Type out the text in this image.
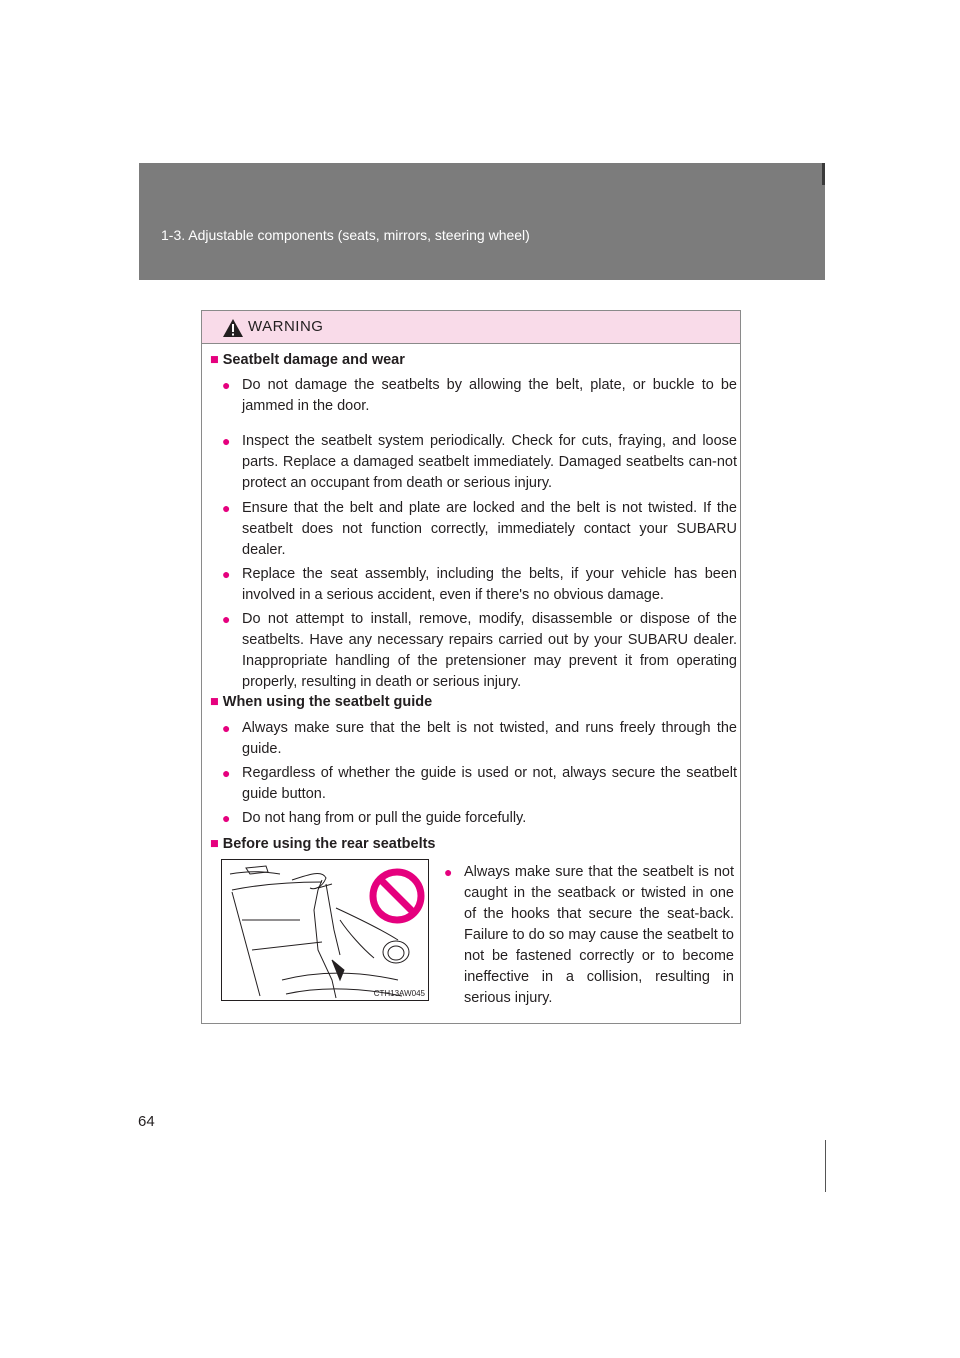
1-3. Adjustable components (seats, mirrors, steering wheel)
WARNING
■ Seatbelt damage and wear
● Do not damage the seatbelts by allowing the belt, plate, or buckle to be jammed in the door.
● Inspect the seatbelt system periodically. Check for cuts, fraying, and loose parts. Replace a damaged seatbelt immediately. Damaged seatbelts can-not protect an occupant from death or serious injury.
● Ensure that the belt and plate are locked and the belt is not twisted. If the seatbelt does not function correctly, immediately contact your SUBARU dealer.
● Replace the seat assembly, including the belts, if your vehicle has been involved in a serious accident, even if there's no obvious damage.
● Do not attempt to install, remove, modify, disassemble or dispose of the seatbelts. Have any necessary repairs carried out by your SUBARU dealer. Inappropriate handling of the pretensioner may prevent it from operating properly, resulting in death or serious injury.
■ When using the seatbelt guide
● Always make sure that the belt is not twisted, and runs freely through the guide.
● Regardless of whether the guide is used or not, always secure the seatbelt guide button.
● Do not hang from or pull the guide forcefully.
■ Before using the rear seatbelts
CTH13AW045
● Always make sure that the seatbelt is not caught in the seatback or twisted in one of the hooks that secure the seat-back. Failure to do so may cause the seatbelt to not be fastened correctly or to become ineffective in a collision, resulting in serious injury.
64
